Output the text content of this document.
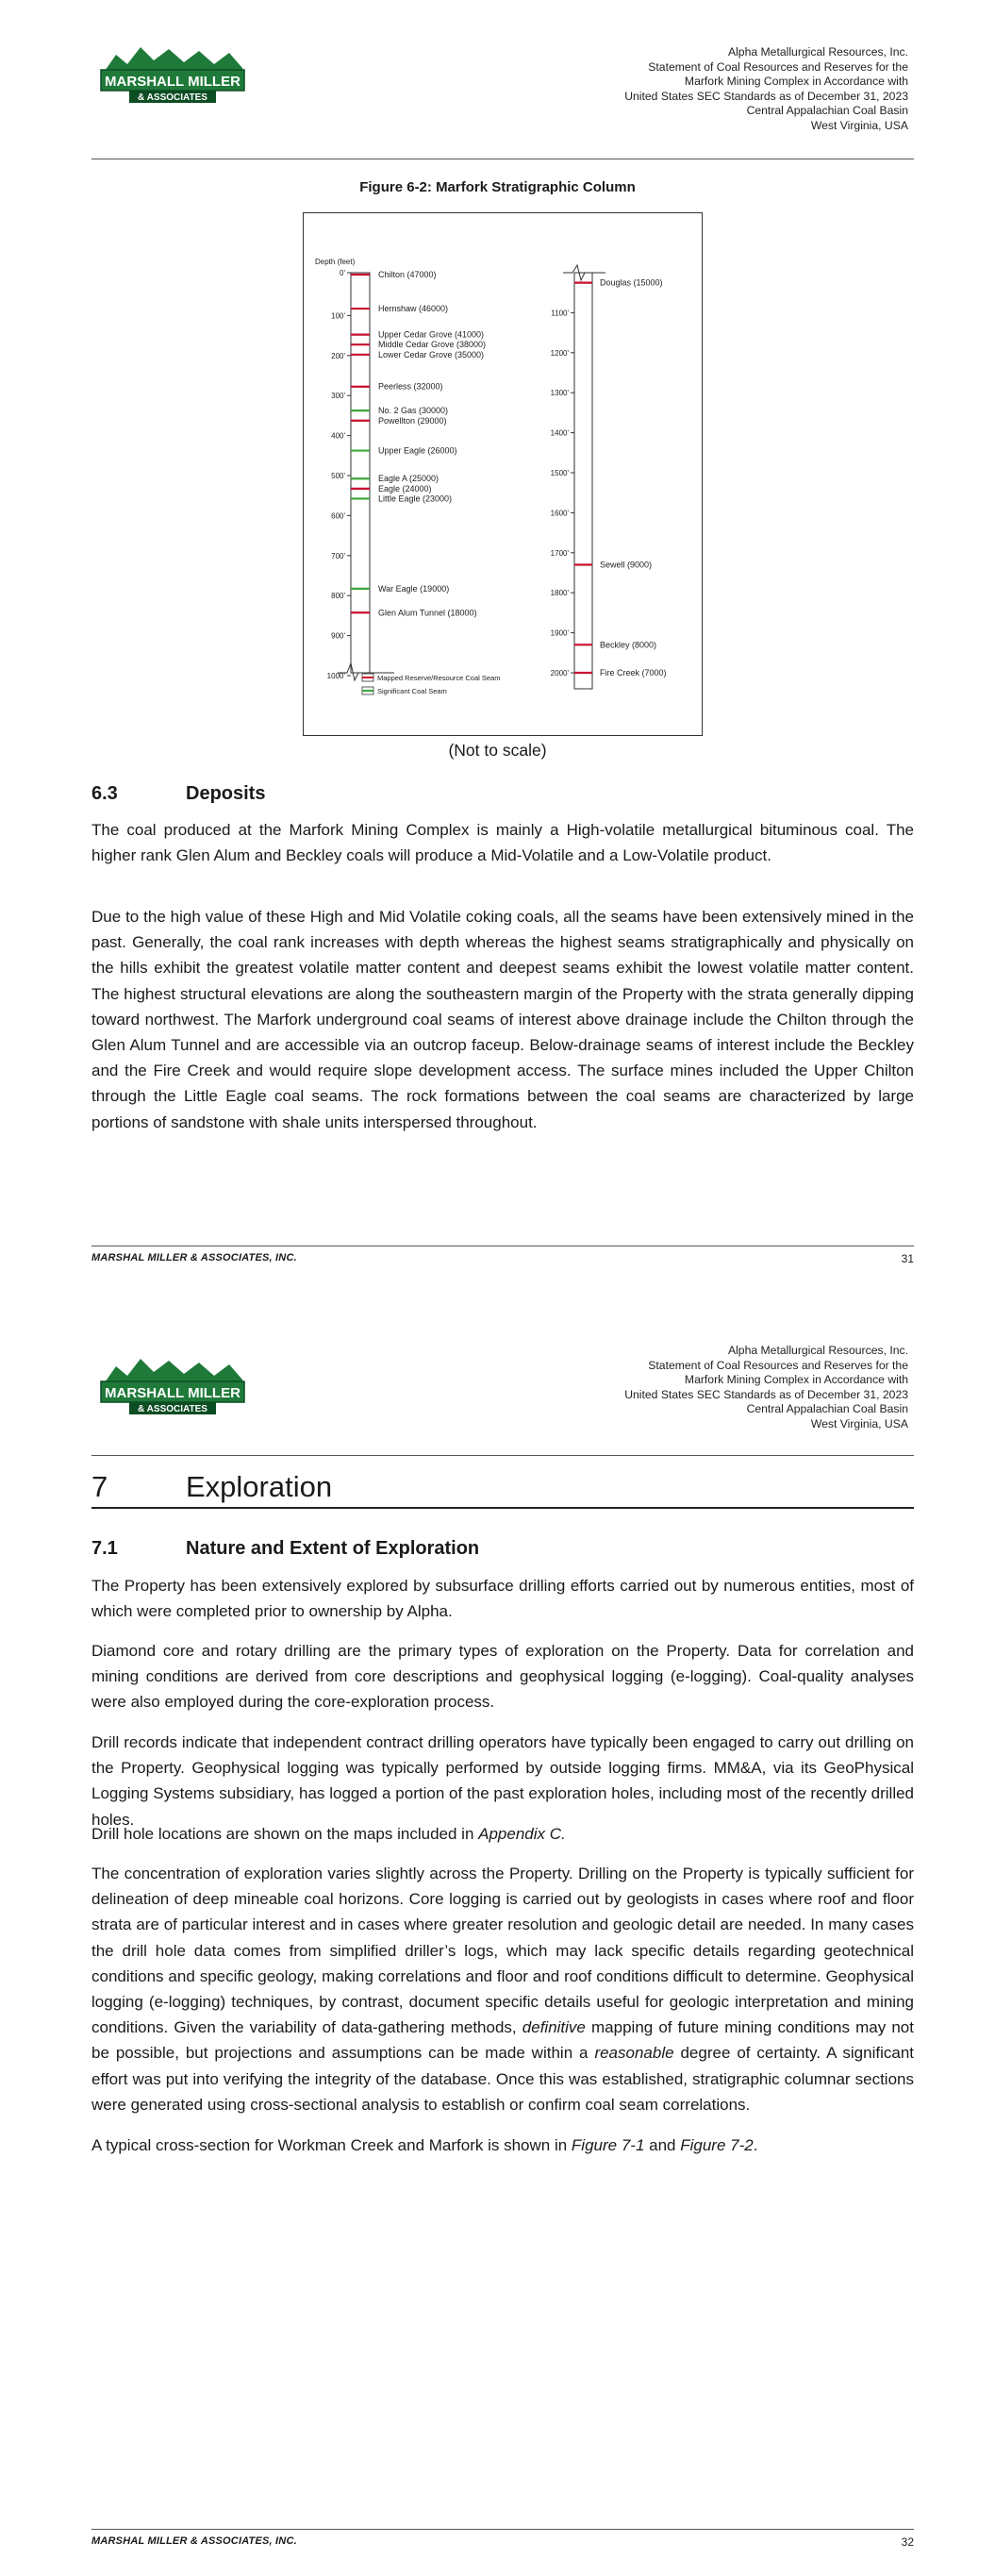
MARSHALL MILLER
& ASSOCIATES
Alpha Metallurgical Resources, Inc.
Statement of Coal Resources and Reserves for the
Marfork Mining Complex in Accordance with
United States SEC Standards as of December 31, 2023
Central Appalachian Coal Basin
West Virginia, USA
Figure 6-2: Marfork Stratigraphic Column
Depth (feet)
0'
100'
200'
300'
400'
500'
600'
700'
800'
900'
1000'
Chilton (47000)
Hernshaw (46000)
Upper Cedar Grove (41000)
Middle Cedar Grove (38000)
Lower Cedar Grove (35000)
Peerless (32000)
No. 2 Gas (30000)
Powellton (29000)
Upper Eagle (26000)
Eagle A (25000)
Eagle (24000)
Little Eagle (23000)
War Eagle (19000)
Glen Alum Tunnel (18000)
1100'
1200'
1300'
1400'
1500'
1600'
1700'
1800'
1900'
2000'
Douglas (15000)
Sewell (9000)
Beckley (8000)
Fire Creek (7000)
Mapped Reserve/Resource Coal Seam
Significant Coal Seam
(Not to scale)
6.3	Deposits

The coal produced at the Marfork Mining Complex is mainly a High-volatile metallurgical bituminous coal. The higher rank Glen Alum and Beckley coals will produce a Mid-Volatile and a Low-Volatile product.

Due to the high value of these High and Mid Volatile coking coals, all the seams have been extensively mined in the past. Generally, the coal rank increases with depth whereas the highest seams stratigraphically and physically on the hills exhibit the greatest volatile matter content and deepest seams exhibit the lowest volatile matter content. The highest structural elevations are along the southeastern margin of the Property with the strata generally dipping toward northwest. The Marfork underground coal seams of interest above drainage include the Chilton through the Glen Alum Tunnel and are accessible via an outcrop faceup. Below-drainage seams of interest include the Beckley and the Fire Creek and would require slope development access. The surface mines included the Upper Chilton through the Little Eagle coal seams. The rock formations between the coal seams are characterized by large portions of sandstone with shale units interspersed throughout.

MARSHAL MILLER & ASSOCIATES, INC.	31
MARSHALL MILLER
& ASSOCIATES
Alpha Metallurgical Resources, Inc.
Statement of Coal Resources and Reserves for the
Marfork Mining Complex in Accordance with
United States SEC Standards as of December 31, 2023
Central Appalachian Coal Basin
West Virginia, USA
7	Exploration
7.1	Nature and Extent of Exploration

The Property has been extensively explored by subsurface drilling efforts carried out by numerous entities, most of which were completed prior to ownership by Alpha.

Diamond core and rotary drilling are the primary types of exploration on the Property. Data for correlation and mining conditions are derived from core descriptions and geophysical logging (e-logging). Coal-quality analyses were also employed during the core-exploration process.

Drill records indicate that independent contract drilling operators have typically been engaged to carry out drilling on the Property. Geophysical logging was typically performed by outside logging firms. MM&A, via its GeoPhysical Logging Systems subsidiary, has logged a portion of the past exploration holes, including most of the recently drilled holes.

Drill hole locations are shown on the maps included in Appendix C.

The concentration of exploration varies slightly across the Property. Drilling on the Property is typically sufficient for delineation of deep mineable coal horizons. Core logging is carried out by geologists in cases where roof and floor strata are of particular interest and in cases where greater resolution and geologic detail are needed. In many cases the drill hole data comes from simplified driller’s logs, which may lack specific details regarding geotechnical conditions and specific geology, making correlations and floor and roof conditions difficult to determine. Geophysical logging (e-logging) techniques, by contrast, document specific details useful for geologic interpretation and mining conditions. Given the variability of data-gathering methods, definitive mapping of future mining conditions may not be possible, but projections and assumptions can be made within a reasonable degree of certainty. A significant effort was put into verifying the integrity of the database. Once this was established, stratigraphic columnar sections were generated using cross-sectional analysis to establish or confirm coal seam correlations.

A typical cross-section for Workman Creek and Marfork is shown in Figure 7-1 and Figure 7-2.

MARSHAL MILLER & ASSOCIATES, INC.	32
